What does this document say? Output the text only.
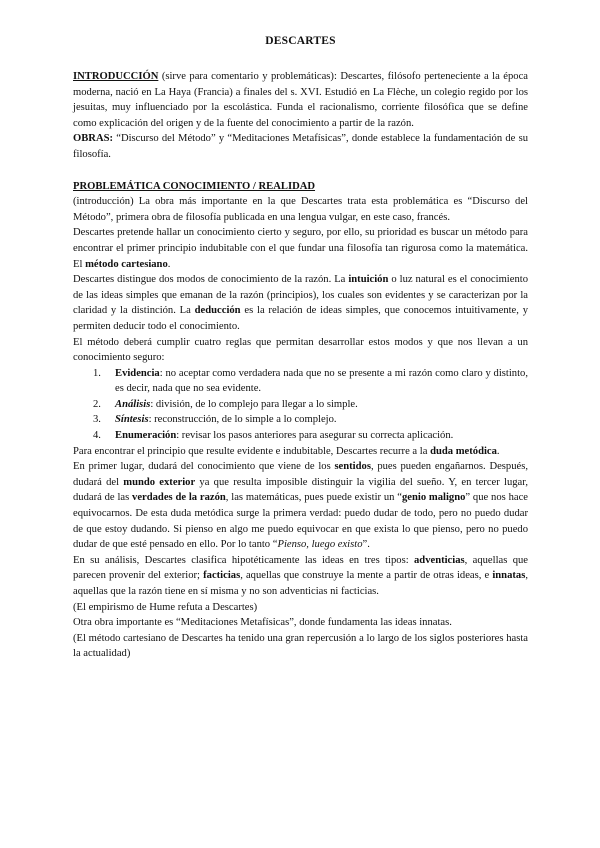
DESCARTES

INTRODUCCIÓN (sirve para comentario y problemáticas): Descartes, filósofo perteneciente a la época moderna, nació en La Haya (Francia) a finales del s. XVI. Estudió en La Flèche, un colegio regido por los jesuitas, muy influenciado por la escolástica. Funda el racionalismo, corriente filosófica que se define como explicación del origen y de la fuente del conocimiento a partir de la razón.

OBRAS: “Discurso del Método” y “Meditaciones Metafísicas”, donde establece la fundamentación de su filosofía.

PROBLEMÁTICA CONOCIMIENTO / REALIDAD

(introducción) La obra más importante en la que Descartes trata esta problemática es “Discurso del Método”, primera obra de filosofía publicada en una lengua vulgar, en este caso, francés.

Descartes pretende hallar un conocimiento cierto y seguro, por ello, su prioridad es buscar un método para encontrar el primer principio indubitable con el que fundar una filosofía tan rigurosa como la matemática. El método cartesiano.

Descartes distingue dos modos de conocimiento de la razón. La intuición o luz natural es el conocimiento de las ideas simples que emanan de la razón (principios), los cuales son evidentes y se caracterizan por la claridad y la distinción. La deducción es la relación de ideas simples, que conocemos intuitivamente, y permiten deducir todo el conocimiento.

El método deberá cumplir cuatro reglas que permitan desarrollar estos modos y que nos llevan a un conocimiento seguro:

1.	Evidencia: no aceptar como verdadera nada que no se presente a mi razón como claro y distinto, es decir, nada que no sea evidente.
2.	Análisis: división, de lo complejo para llegar a lo simple.
3.	Síntesis: reconstrucción, de lo simple a lo complejo.
4.	Enumeración: revisar los pasos anteriores para asegurar su correcta aplicación.

Para encontrar el principio que resulte evidente e indubitable, Descartes recurre a la duda metódica.

En primer lugar, dudará del conocimiento que viene de los sentidos, pues pueden engañarnos. Después, dudará del mundo exterior ya que resulta imposible distinguir la vigilia del sueño. Y, en tercer lugar, dudará de las verdades de la razón, las matemáticas, pues puede existir un “genio maligno” que nos hace equivocarnos. De esta duda metódica surge la primera verdad: puedo dudar de todo, pero no puedo dudar de que estoy dudando. Si pienso en algo me puedo equivocar en que exista lo que pienso, pero no puedo dudar de que esté pensado en ello. Por lo tanto “Pienso, luego existo”.

En su análisis, Descartes clasifica hipotéticamente las ideas en tres tipos: adventicias, aquellas que parecen provenir del exterior; facticias, aquellas que construye la mente a partir de otras ideas, e innatas, aquellas que la razón tiene en sí misma y no son adventicias ni facticias.

(El empirismo de Hume refuta a Descartes)

Otra obra importante es “Meditaciones Metafísicas”, donde fundamenta las ideas innatas.

(El método cartesiano de Descartes ha tenido una gran repercusión a lo largo de los siglos posteriores hasta la actualidad)
